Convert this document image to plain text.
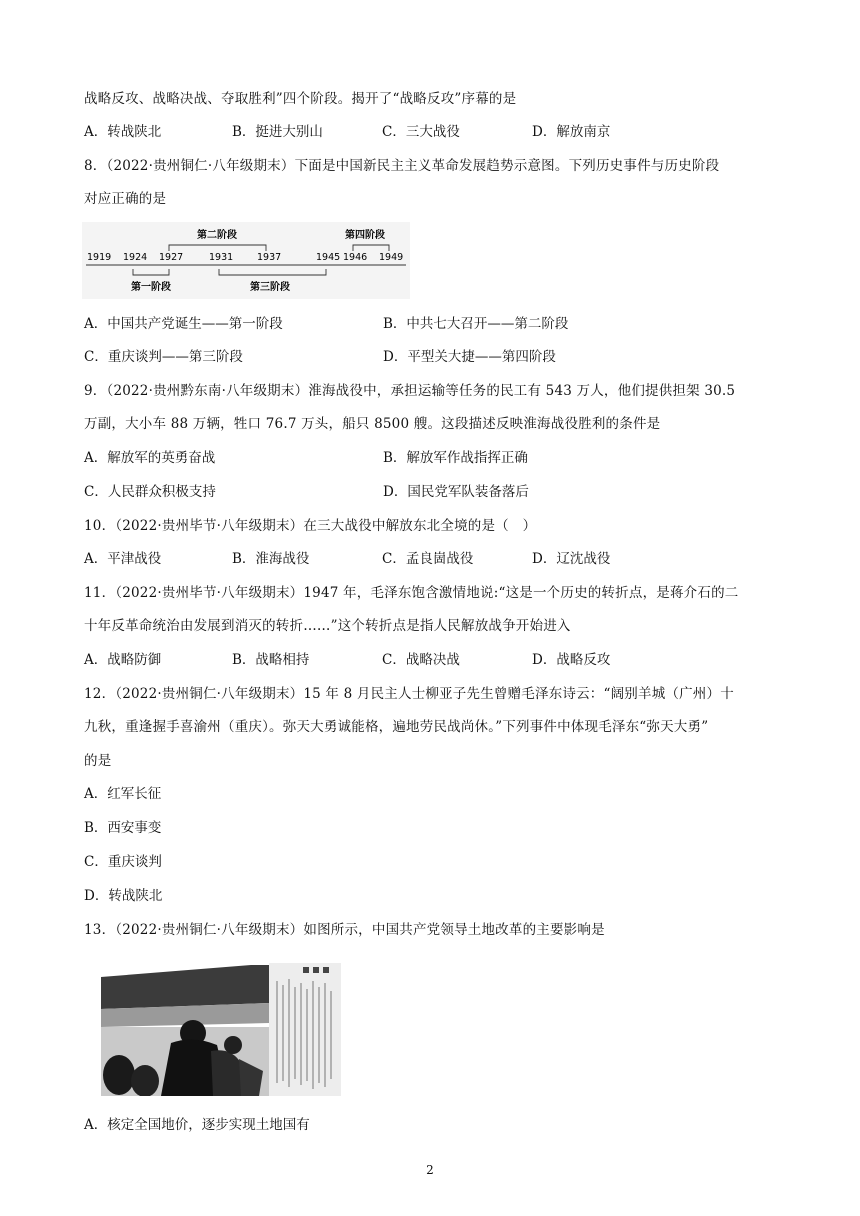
战略反攻、战略决战、夺取胜利”四个阶段。揭开了“战略反攻”序幕的是
A．转战陕北	B．挺进大别山	C．三大战役	D．解放南京
8．（2022·贵州铜仁·八年级期末）下面是中国新民主主义革命发展趋势示意图。下列历史事件与历史阶段
对应正确的是
1919 1924 1927	1931	1937	1945 1946 1949
第二阶段	第四阶段
第一阶段	第三阶段
A．中国共产党诞生——第一阶段	B．中共七大召开——第二阶段
C．重庆谈判——第三阶段	D．平型关大捷——第四阶段
9．（2022·贵州黔东南·八年级期末）淮海战役中，承担运输等任务的民工有 543 万人，他们提供担架 30.5
万副，大小车 88 万辆，牲口 76.7 万头，船只 8500 艘。这段描述反映淮海战役胜利的条件是
A．解放军的英勇奋战	B．解放军作战指挥正确
C．人民群众积极支持	D．国民党军队装备落后
10．（2022·贵州毕节·八年级期末）在三大战役中解放东北全境的是（　）
A．平津战役	B．淮海战役	C．孟良崮战役	D．辽沈战役
11．（2022·贵州毕节·八年级期末）1947 年，毛泽东饱含激情地说:“这是一个历史的转折点，是蒋介石的二
十年反革命统治由发展到消灭的转折……”这个转折点是指人民解放战争开始进入
A．战略防御	B．战略相持	C．战略决战	D．战略反攻
12．（2022·贵州铜仁·八年级期末）15 年 8 月民主人士柳亚子先生曾赠毛泽东诗云：“阔别羊城（广州）十
九秋，重逢握手喜渝州（重庆）。弥天大勇诚能格，遍地劳民战尚休。”下列事件中体现毛泽东“弥天大勇”
的是
A．红军长征
B．西安事变
C．重庆谈判
D．转战陕北
13．（2022·贵州铜仁·八年级期末）如图所示，中国共产党领导土地改革的主要影响是
A．核定全国地价，逐步实现土地国有
2
